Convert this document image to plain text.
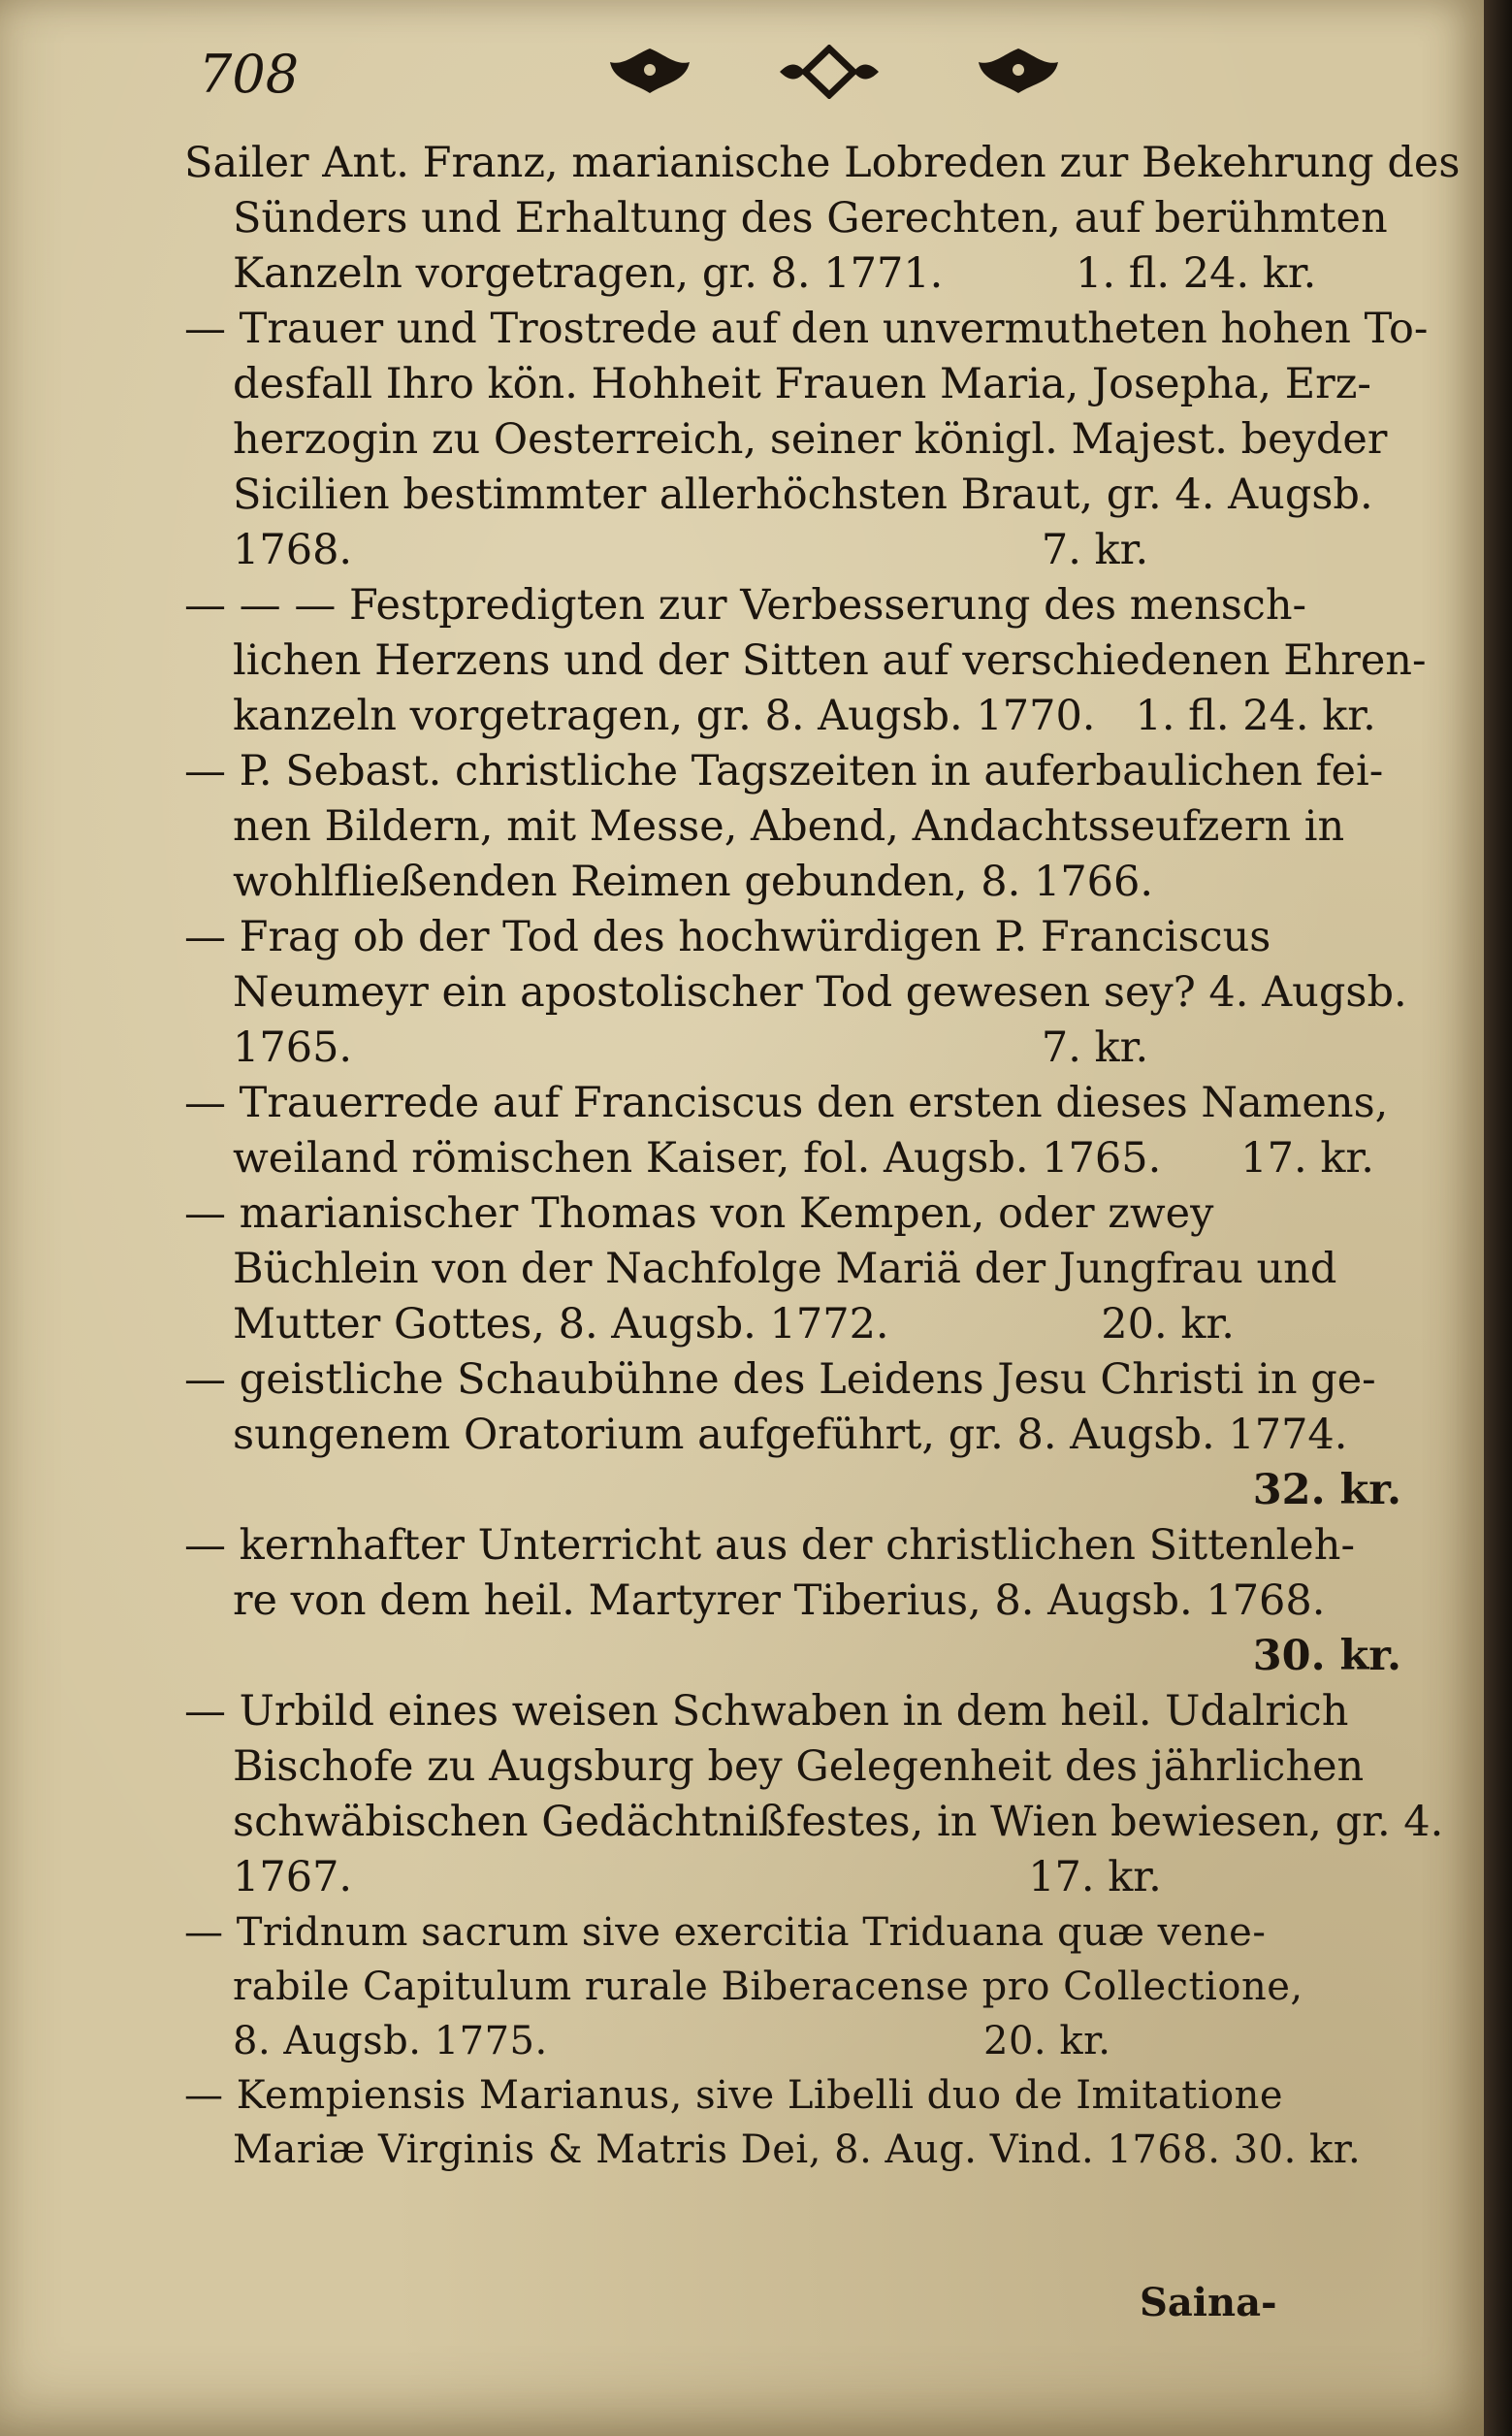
708
Sailer Ant. Franz, marianische Lobreden zur Bekehrung des
Sünders und Erhaltung des Gerechten, auf berühmten
Kanzeln vorgetragen, gr. 8. 1771.          1. fl. 24. kr.
— Trauer und Trostrede auf den unvermutheten hohen To-
desfall Ihro kön. Hohheit Frauen Maria, Josepha, Erz-
herzogin zu Oesterreich, seiner königl. Majest. beyder
Sicilien bestimmter allerhöchsten Braut, gr. 4. Augsb.
1768.                                                    7. kr.
— — — Festpredigten zur Verbesserung des mensch-
lichen Herzens und der Sitten auf verschiedenen Ehren-
kanzeln vorgetragen, gr. 8. Augsb. 1770.   1. fl. 24. kr.
— P. Sebast. christliche Tagszeiten in auferbaulichen fei-
nen Bildern, mit Messe, Abend, Andachtsseufzern in
wohlfließenden Reimen gebunden, 8. 1766.
— Frag ob der Tod des hochwürdigen P. Franciscus
Neumeyr ein apostolischer Tod gewesen sey? 4. Augsb.
1765.                                                    7. kr.
— Trauerrede auf Franciscus den ersten dieses Namens,
weiland römischen Kaiser, fol. Augsb. 1765.      17. kr.
— marianischer Thomas von Kempen, oder zwey
Büchlein von der Nachfolge Mariä der Jungfrau und
Mutter Gottes, 8. Augsb. 1772.                20. kr.
— geistliche Schaubühne des Leidens Jesu Christi in ge-
sungenem Oratorium aufgeführt, gr. 8. Augsb. 1774.
32. kr.
— kernhafter Unterricht aus der christlichen Sittenleh-
re von dem heil. Martyrer Tiberius, 8. Augsb. 1768.
30. kr.
— Urbild eines weisen Schwaben in dem heil. Udalrich
Bischofe zu Augsburg bey Gelegenheit des jährlichen
schwäbischen Gedächtnißfestes, in Wien bewiesen, gr. 4.
1767.                                                   17. kr.
— Tridnum sacrum sive exercitia Triduana quæ vene-
rabile Capitulum rurale Biberacense pro Collectione,
8. Augsb. 1775.                                  20. kr.
— Kempiensis Marianus, sive Libelli duo de Imitatione
Mariæ Virginis & Matris Dei, 8. Aug. Vind. 1768. 30. kr.
Saina-
